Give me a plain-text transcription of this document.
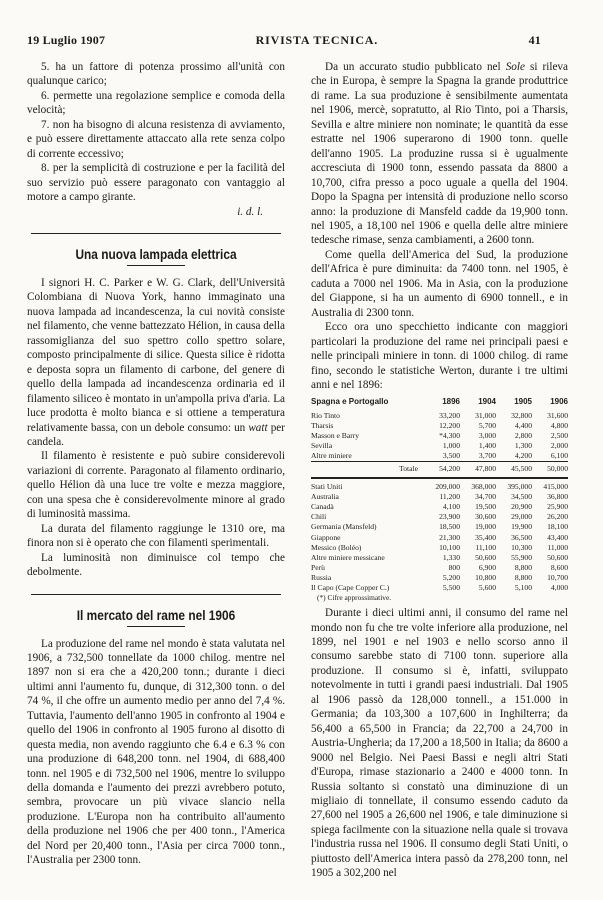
19 Luglio 1907	RIVISTA TECNICA.	41

5. ha un fattore di potenza prossimo all'unità con qualunque carico;

6. permette una regolazione semplice e comoda della velocità;

7. non ha bisogno di alcuna resistenza di avviamento, e può essere direttamente attaccato alla rete senza colpo di corrente eccessivo;

8. per la semplicità di costruzione e per la facilità del suo servizio può essere paragonato con vantaggio al motore a campo girante.

i. d. l.
Una nuova lampada elettrica

I signori H. C. Parker e W. G. Clark, dell'Università Colombiana di Nuova York, hanno immaginato una nuova lampada ad incandescenza, la cui novità consiste nel filamento, che venne battezzato Hélion, in causa della rassomiglianza del suo spettro collo spettro solare, composto principalmente di silice. Questa silice è ridotta e deposta sopra un filamento di carbone, del genere di quello della lampada ad incandescenza ordinaria ed il filamento siliceo è montato in un'ampolla priva d'aria. La luce prodotta è molto bianca e si ottiene a temperatura relativamente bassa, con un debole consumo: un watt per candela.

Il filamento è resistente e può subire considerevoli variazioni di corrente. Paragonato al filamento ordinario, quello Hélion dà una luce tre volte e mezza maggiore, con una spesa che è considerevolmente minore al grado di luminosità massima.

La durata del filamento raggiunge le 1310 ore, ma finora non si è operato che con filamenti sperimentali.

La luminosità non diminuisce col tempo che debolmente.

Il mercato del rame nel 1906

La produzione del rame nel mondo è stata valutata nel 1906, a 732,500 tonnellate da 1000 chilog. mentre nel 1897 non si era che a 420,200 tonn.; durante i dieci ultimi anni l'aumento fu, dunque, di 312,300 tonn. o del 74 %, il che offre un aumento medio per anno del 7,4 %. Tuttavia, l'aumento dell'anno 1905 in confronto al 1904 e quello del 1906 in confronto al 1905 furono al disotto di questa media, non avendo raggiunto che 6.4 e 6.3 % con una produzione di 648,200 tonn. nel 1904, di 688,400 tonn. nel 1905 e di 732,500 nel 1906, mentre lo sviluppo della domanda e l'aumento dei prezzi avrebbero potuto, sembra, provocare un più vivace slancio nella produzione. L'Europa non ha contribuito all'aumento della produzione nel 1906 che per 400 tonn., l'America del Nord per 20,400 tonn., l'Asia per circa 7000 tonn., l'Australia per 2300 tonn.

Da un accurato studio pubblicato nel Sole si rileva che in Europa, è sempre la Spagna la grande produttrice di rame. La sua produzione è sensibilmente aumentata nel 1906, mercè, sopratutto, al Rio Tinto, poi a Tharsis, Sevilla e altre miniere non nominate; le quantità da esse estratte nel 1906 superarono di 1900 tonn. quelle dell'anno 1905. La produzine russa si è ugualmente accresciuta di 1900 tonn, essendo passata da 8800 a 10,700, cifra presso a poco uguale a quella del 1904. Dopo la Spagna per intensità di produzione nello scorso anno: la produzione di Mansfeld cadde da 19,900 tonn. nel 1905, a 18,100 nel 1906 e quella delle altre miniere tedesche rimase, senza cambiamenti, a 2600 tonn.

Come quella dell'America del Sud, la produzione dell'Africa è pure diminuita: da 7400 tonn. nel 1905, è caduta a 7000 nel 1906. Ma in Asia, con la produzione del Giappone, si ha un aumento di 6900 tonnell., e in Australia di 2300 tonn.

Ecco ora uno specchietto indicante con maggiori particolari la produzione del rame nei principali paesi e nelle principali miniere in tonn. di 1000 chilog. di rame fino, secondo le statistiche Werton, durante i tre ultimi anni e nel 1896:

Spagna e Portogallo	1896	1904	1905	1906
Rio Tinto	33,200	31,000	32,800	31,600
Tharsis	12,200	5,700	4,400	4,800
Masson e Barry	*4,300	3,000	2,800	2,500
Sevilla	1,000	1,400	1,300	2,000
Altre miniere	3,500	3,700	4,200	6,100
Totale	54,200	47,800	45,500	50,000
Stati Uniti	209,000	368,000	395,000	415,000
Australia	11,200	34,700	34,500	36,800
Canadà	4,100	19,500	20,900	25,900
Chili	23,900	30,600	29,000	26,200
Germania (Mansfeld)	18,500	19,000	19,900	18,100
Giappone	21,300	35,400	36,500	43,400
Messico (Boléo)	10,100	11,100	10,300	11,000
Altre miniere messicane	1,330	50,600	55,900	50,600
Perù	800	6,900	8,800	8,600
Russia	5,200	10,800	8,800	10,700
Il Capo (Cape Copper C.)	5,500	5,600	5,100	4,000
(*) Cifre approssimative.

Durante i dieci ultimi anni, il consumo del rame nel mondo non fu che tre volte inferiore alla produzione, nel 1899, nel 1901 e nel 1903 e nello scorso anno il consumo sarebbe stato di 7100 tonn. superiore alla produzione. Il consumo si è, infatti, sviluppato notevolmente in tutti i grandi paesi industriali. Dal 1905 al 1906 passò da 128,000 tonnell., a 151.000 in Germania; da 103,300 a 107,600 in Inghilterra; da 56,400 a 65,500 in Francia; da 22,700 a 24,700 in Austria-Ungheria; da 17,200 a 18,500 in Italia; da 8600 a 9000 nel Belgio. Nei Paesi Bassi e negli altri Stati d'Europa, rimase stazionario a 2400 e 4000 tonn. In Russia soltanto si constatò una diminuzione di un migliaio di tonnellate, il consumo essendo caduto da 27,600 nel 1905 a 26,600 nel 1906, e tale diminuzione si spiega facilmente con la situazione nella quale si trovava l'industria russa nel 1906. Il consumo degli Stati Uniti, o piuttosto dell'America intera passò da 278,200 tonn, nel 1905 a 302,200 nel
